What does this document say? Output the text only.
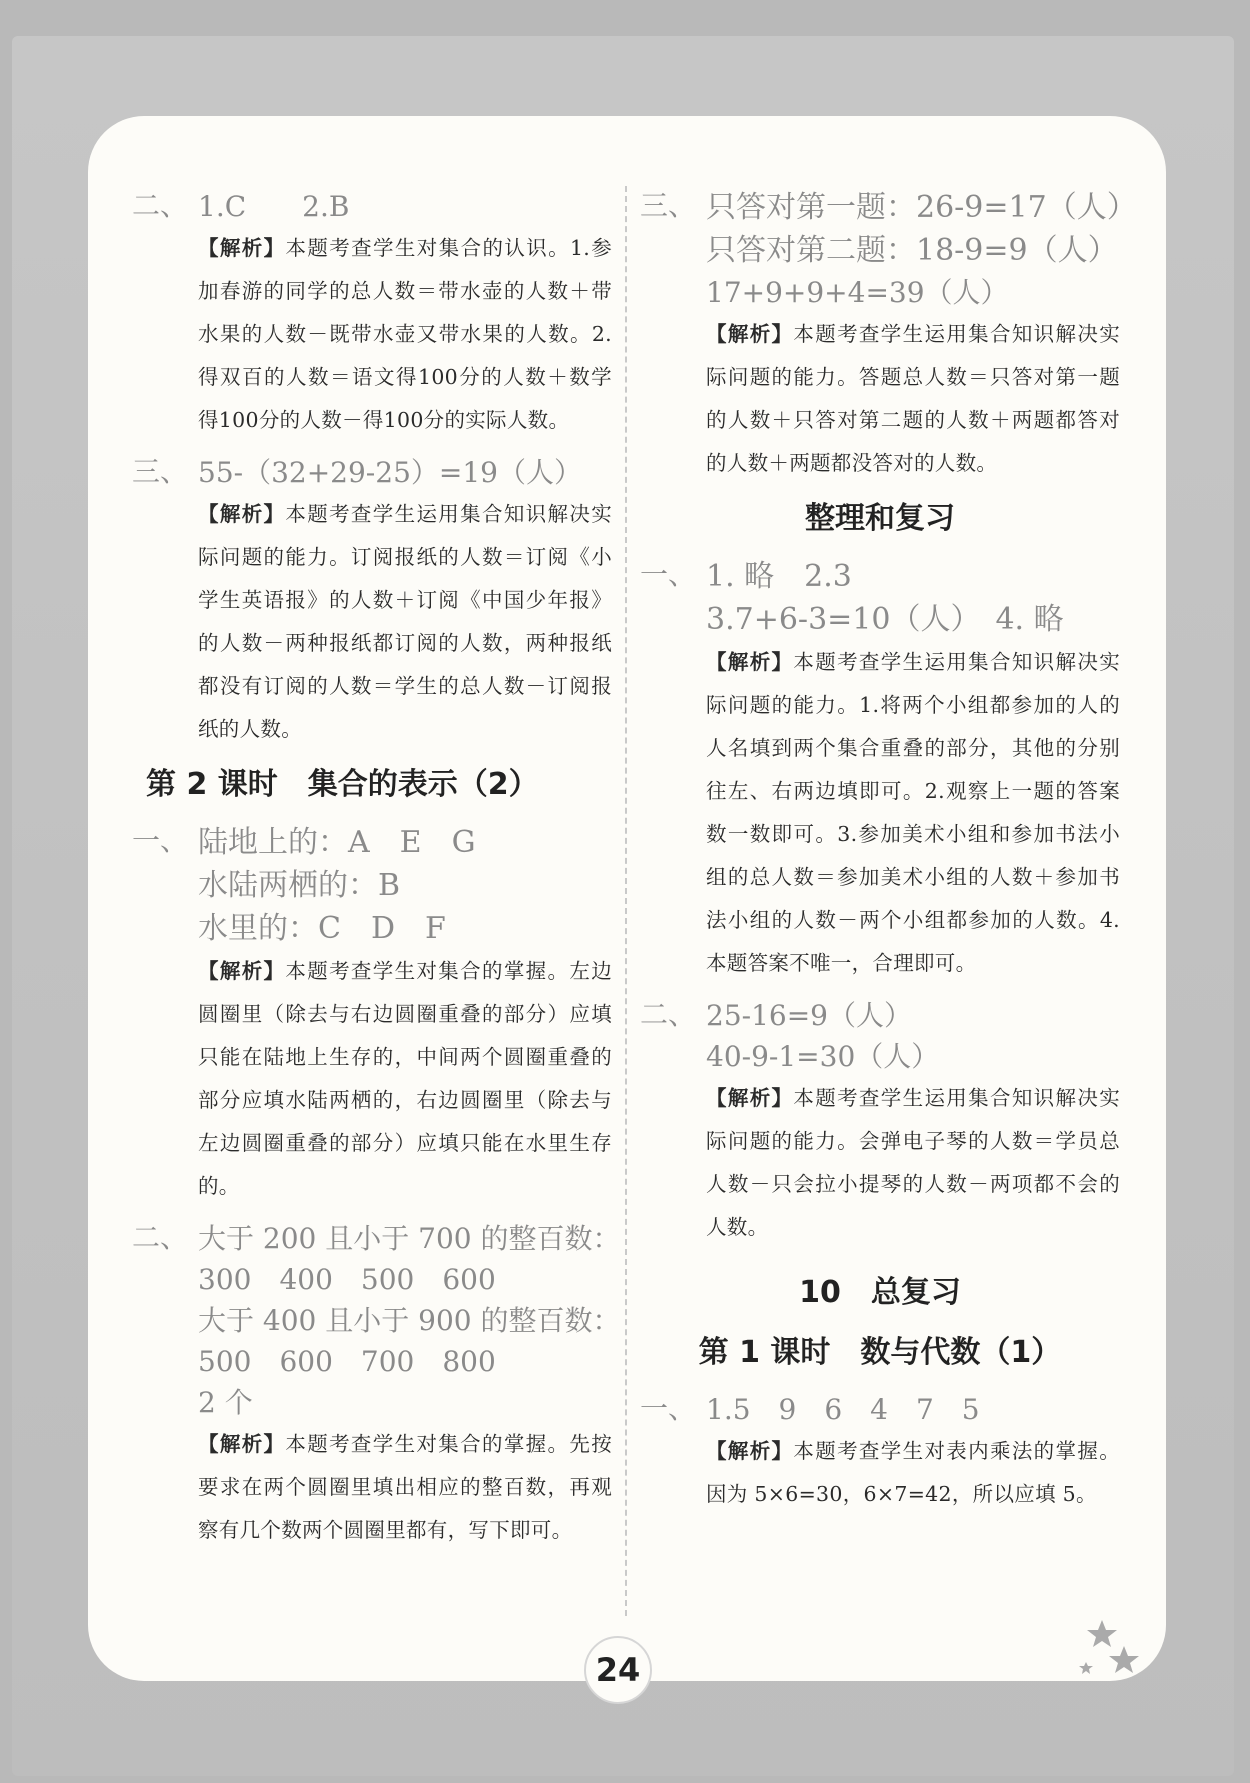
二、 1.C　　2.B

【解析】本题考查学生对集合的认识。1.参加春游的同学的总人数＝带水壶的人数＋带水果的人数－既带水壶又带水果的人数。2.得双百的人数＝语文得100分的人数＋数学得100分的人数－得100分的实际人数。

三、 55-（32+29-25）=19（人）

【解析】本题考查学生运用集合知识解决实际问题的能力。订阅报纸的人数＝订阅《小学生英语报》的人数＋订阅《中国少年报》的人数－两种报纸都订阅的人数，两种报纸都没有订阅的人数＝学生的总人数－订阅报纸的人数。

第 2 课时　集合的表示（2）
一、 陆地上的：A　E　G
水陆两栖的：B
水里的：C　D　F

【解析】本题考查学生对集合的掌握。左边圆圈里（除去与右边圆圈重叠的部分）应填只能在陆地上生存的，中间两个圆圈重叠的部分应填水陆两栖的，右边圆圈里（除去与左边圆圈重叠的部分）应填只能在水里生存的。

二、 大于 200 且小于 700 的整百数：
300　400　500　600
大于 400 且小于 900 的整百数：
500　600　700　800
2 个

【解析】本题考查学生对集合的掌握。先按要求在两个圆圈里填出相应的整百数，再观察有几个数两个圆圈里都有，写下即可。

三、 只答对第一题：26-9=17（人）
只答对第二题：18-9=9（人）
17+9+9+4=39（人）

【解析】本题考查学生运用集合知识解决实际问题的能力。答题总人数＝只答对第一题的人数＋只答对第二题的人数＋两题都答对的人数＋两题都没答对的人数。

整理和复习
一、 1. 略　2.3
3.7+6-3=10（人）　4. 略

【解析】本题考查学生运用集合知识解决实际问题的能力。1.将两个小组都参加的人的人名填到两个集合重叠的部分，其他的分别往左、右两边填即可。2.观察上一题的答案数一数即可。3.参加美术小组和参加书法小组的总人数＝参加美术小组的人数＋参加书法小组的人数－两个小组都参加的人数。4.本题答案不唯一，合理即可。

二、 25-16=9（人）
40-9-1=30（人）

【解析】本题考查学生运用集合知识解决实际问题的能力。会弹电子琴的人数＝学员总人数－只会拉小提琴的人数－两项都不会的人数。

10　总复习
第 1 课时　数与代数（1）
一、 1.5　9　6　4　7　5

【解析】本题考查学生对表内乘法的掌握。因为 5×6=30，6×7=42，所以应填 5。

24
